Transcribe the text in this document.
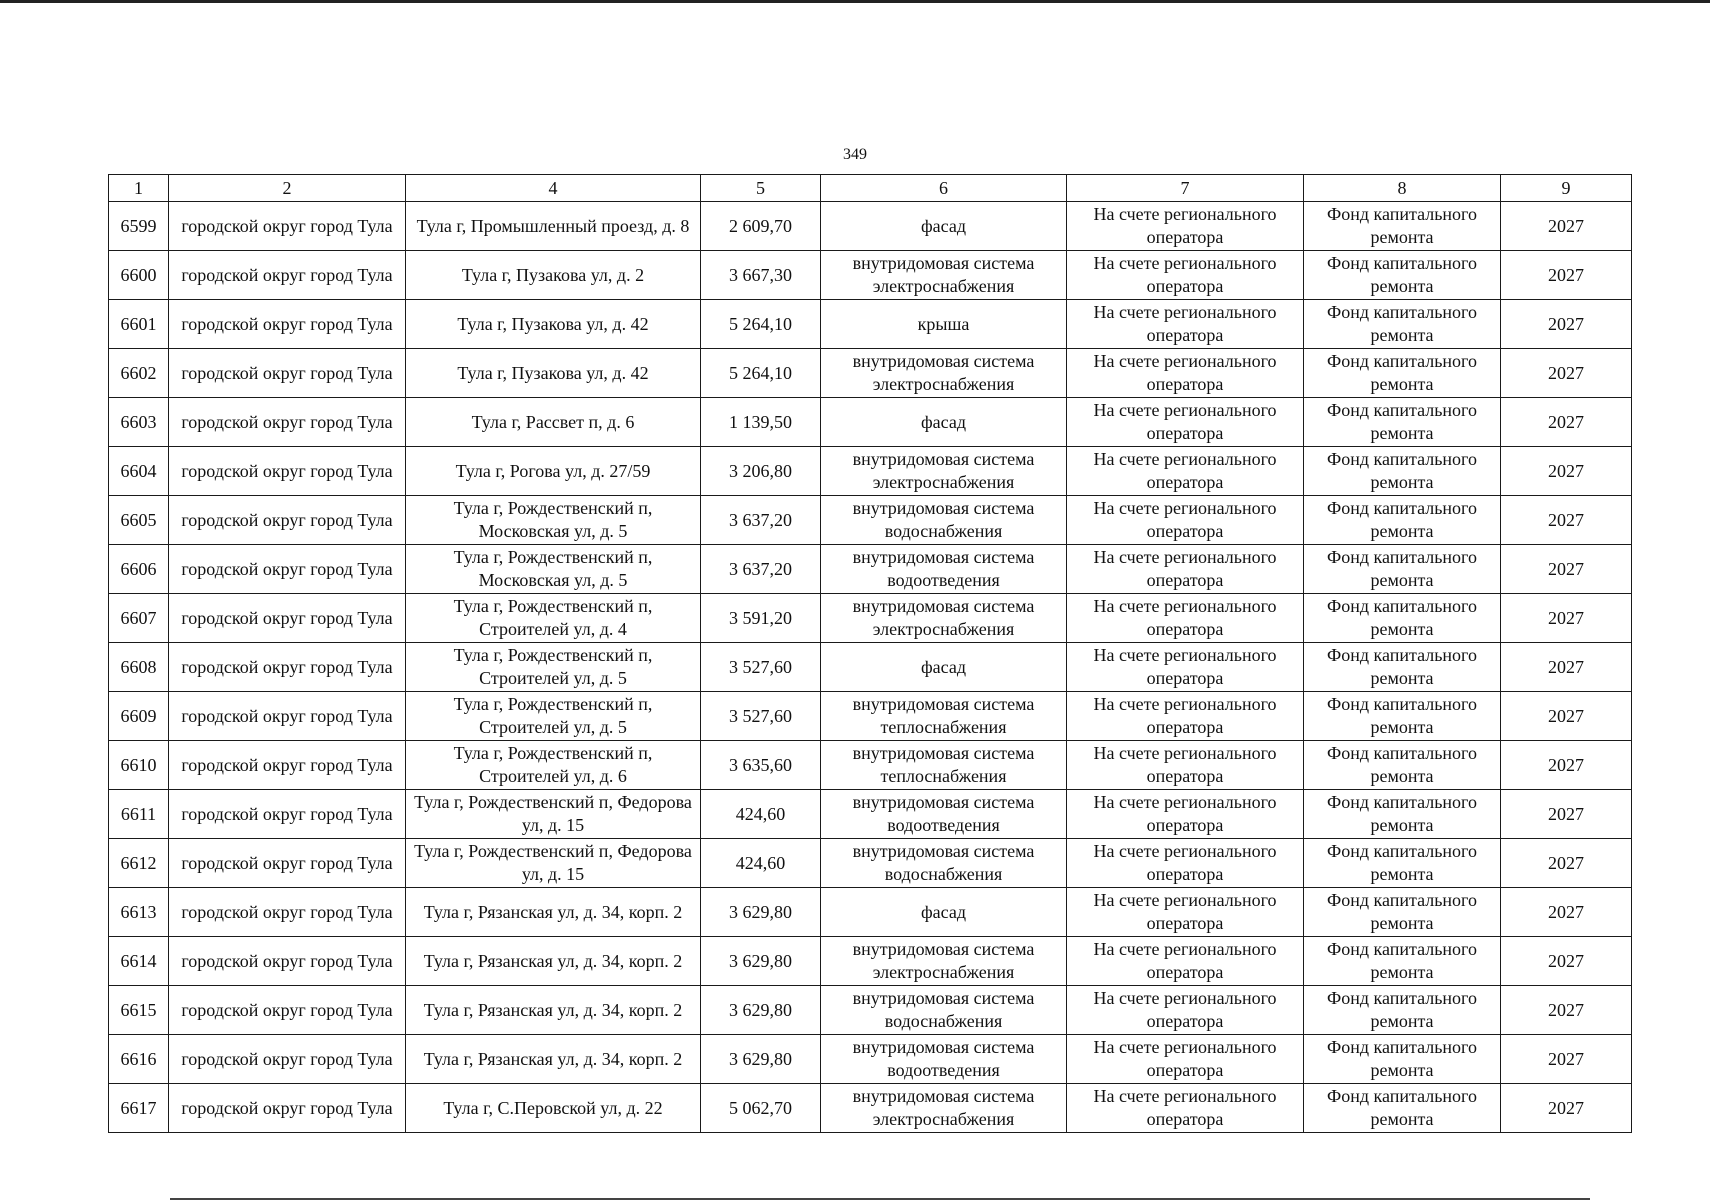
349
1	2	4	5	6	7	8	9
6599	городской округ город Тула	Тула г, Промышленный проезд, д. 8	2 609,70	фасад	На счете регионального оператора	Фонд капитального ремонта	2027
6600	городской округ город Тула	Тула г, Пузакова ул, д. 2	3 667,30	внутридомовая система электроснабжения	На счете регионального оператора	Фонд капитального ремонта	2027
6601	городской округ город Тула	Тула г, Пузакова ул, д. 42	5 264,10	крыша	На счете регионального оператора	Фонд капитального ремонта	2027
6602	городской округ город Тула	Тула г, Пузакова ул, д. 42	5 264,10	внутридомовая система электроснабжения	На счете регионального оператора	Фонд капитального ремонта	2027
6603	городской округ город Тула	Тула г, Рассвет п, д. 6	1 139,50	фасад	На счете регионального оператора	Фонд капитального ремонта	2027
6604	городской округ город Тула	Тула г, Рогова ул, д. 27/59	3 206,80	внутридомовая система электроснабжения	На счете регионального оператора	Фонд капитального ремонта	2027
6605	городской округ город Тула	Тула г, Рождественский п, Московская ул, д. 5	3 637,20	внутридомовая система водоснабжения	На счете регионального оператора	Фонд капитального ремонта	2027
6606	городской округ город Тула	Тула г, Рождественский п, Московская ул, д. 5	3 637,20	внутридомовая система водоотведения	На счете регионального оператора	Фонд капитального ремонта	2027
6607	городской округ город Тула	Тула г, Рождественский п, Строителей ул, д. 4	3 591,20	внутридомовая система электроснабжения	На счете регионального оператора	Фонд капитального ремонта	2027
6608	городской округ город Тула	Тула г, Рождественский п, Строителей ул, д. 5	3 527,60	фасад	На счете регионального оператора	Фонд капитального ремонта	2027
6609	городской округ город Тула	Тула г, Рождественский п, Строителей ул, д. 5	3 527,60	внутридомовая система теплоснабжения	На счете регионального оператора	Фонд капитального ремонта	2027
6610	городской округ город Тула	Тула г, Рождественский п, Строителей ул, д. 6	3 635,60	внутридомовая система теплоснабжения	На счете регионального оператора	Фонд капитального ремонта	2027
6611	городской округ город Тула	Тула г, Рождественский п, Федорова ул, д. 15	424,60	внутридомовая система водоотведения	На счете регионального оператора	Фонд капитального ремонта	2027
6612	городской округ город Тула	Тула г, Рождественский п, Федорова ул, д. 15	424,60	внутридомовая система водоснабжения	На счете регионального оператора	Фонд капитального ремонта	2027
6613	городской округ город Тула	Тула г, Рязанская ул, д. 34, корп. 2	3 629,80	фасад	На счете регионального оператора	Фонд капитального ремонта	2027
6614	городской округ город Тула	Тула г, Рязанская ул, д. 34, корп. 2	3 629,80	внутридомовая система электроснабжения	На счете регионального оператора	Фонд капитального ремонта	2027
6615	городской округ город Тула	Тула г, Рязанская ул, д. 34, корп. 2	3 629,80	внутридомовая система водоснабжения	На счете регионального оператора	Фонд капитального ремонта	2027
6616	городской округ город Тула	Тула г, Рязанская ул, д. 34, корп. 2	3 629,80	внутридомовая система водоотведения	На счете регионального оператора	Фонд капитального ремонта	2027
6617	городской округ город Тула	Тула г, С.Перовской ул, д. 22	5 062,70	внутридомовая система электроснабжения	На счете регионального оператора	Фонд капитального ремонта	2027
